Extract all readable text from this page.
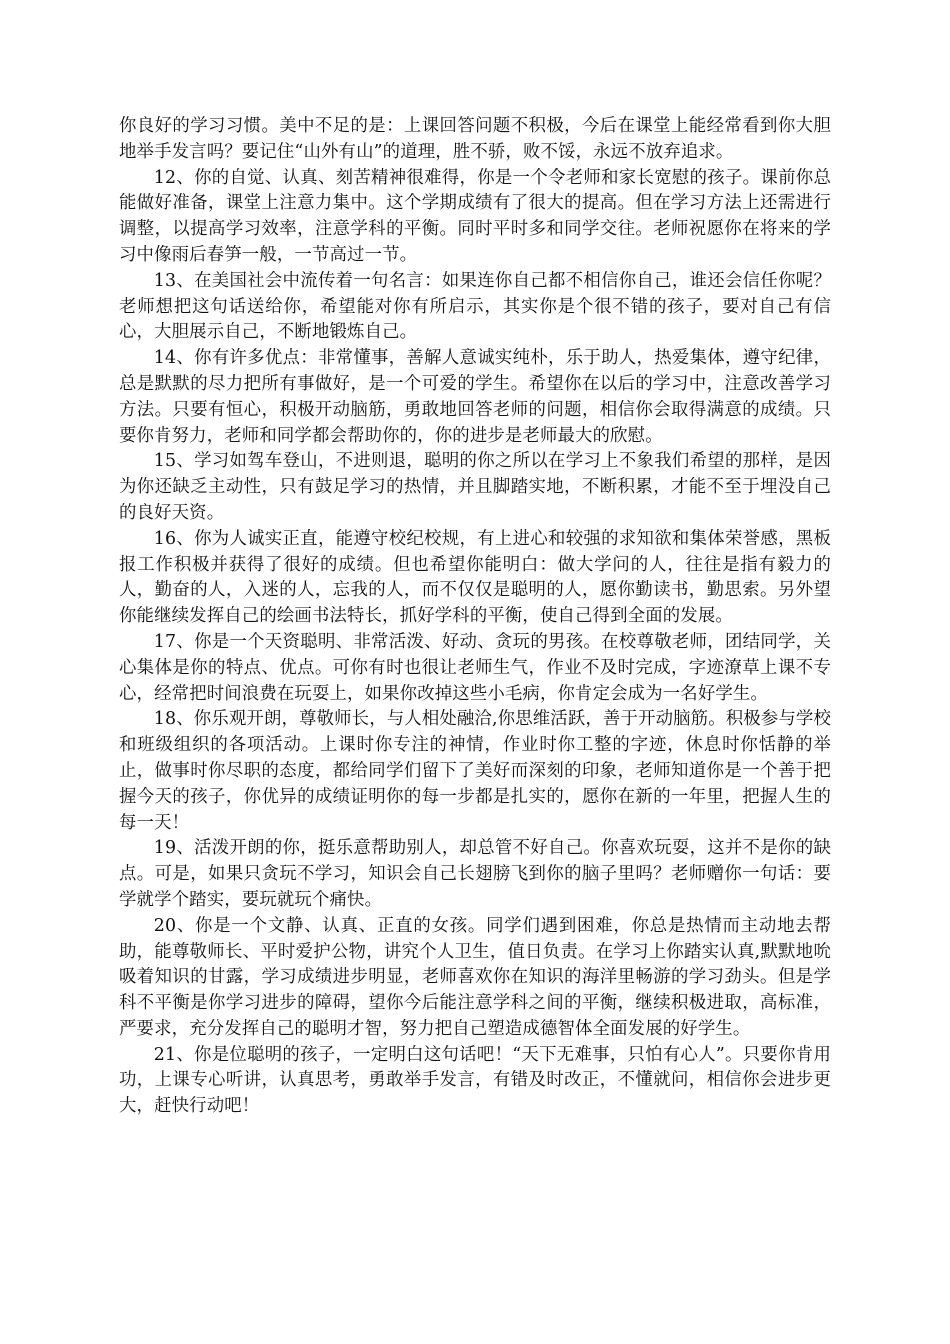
你良好的学习习惯。美中不足的是：上课回答问题不积极，今后在课堂上能经常看到你大胆地举手发言吗？要记住“山外有山”的道理，胜不骄，败不馁，永远不放弃追求。

12、你的自觉、认真、刻苦精神很难得，你是一个令老师和家长宽慰的孩子。课前你总能做好准备，课堂上注意力集中。这个学期成绩有了很大的提高。但在学习方法上还需进行调整，以提高学习效率，注意学科的平衡。同时平时多和同学交往。老师祝愿你在将来的学习中像雨后春笋一般，一节高过一节。

13、在美国社会中流传着一句名言：如果连你自己都不相信你自己，谁还会信任你呢？老师想把这句话送给你，希望能对你有所启示，其实你是个很不错的孩子，要对自己有信心，大胆展示自己，不断地锻炼自己。

14、你有许多优点：非常懂事，善解人意诚实纯朴，乐于助人，热爱集体，遵守纪律，总是默默的尽力把所有事做好，是一个可爱的学生。希望你在以后的学习中，注意改善学习方法。只要有恒心，积极开动脑筋，勇敢地回答老师的问题，相信你会取得满意的成绩。只要你肯努力，老师和同学都会帮助你的，你的进步是老师最大的欣慰。

15、学习如驾车登山，不进则退，聪明的你之所以在学习上不象我们希望的那样，是因为你还缺乏主动性，只有鼓足学习的热情，并且脚踏实地，不断积累，才能不至于埋没自己的良好天资。

16、你为人诚实正直，能遵守校纪校规，有上进心和较强的求知欲和集体荣誉感，黑板报工作积极并获得了很好的成绩。但也希望你能明白：做大学问的人，往往是指有毅力的人，勤奋的人，入迷的人，忘我的人，而不仅仅是聪明的人，愿你勤读书，勤思索。另外望你能继续发挥自己的绘画书法特长，抓好学科的平衡，使自己得到全面的发展。

17、你是一个天资聪明、非常活泼、好动、贪玩的男孩。在校尊敬老师，团结同学，关心集体是你的特点、优点。可你有时也很让老师生气，作业不及时完成，字迹潦草上课不专心，经常把时间浪费在玩耍上，如果你改掉这些小毛病，你肯定会成为一名好学生。

18、你乐观开朗，尊敬师长，与人相处融洽,你思维活跃，善于开动脑筋。积极参与学校和班级组织的各项活动。上课时你专注的神情，作业时你工整的字迹，休息时你恬静的举止，做事时你尽职的态度，都给同学们留下了美好而深刻的印象，老师知道你是一个善于把握今天的孩子，你优异的成绩证明你的每一步都是扎实的，愿你在新的一年里，把握人生的每一天！

19、活泼开朗的你，挺乐意帮助别人，却总管不好自己。你喜欢玩耍，这并不是你的缺点。可是，如果只贪玩不学习，知识会自己长翅膀飞到你的脑子里吗？老师赠你一句话：要学就学个踏实，要玩就玩个痛快。

20、你是一个文静、认真、正直的女孩。同学们遇到困难，你总是热情而主动地去帮助，能尊敬师长、平时爱护公物，讲究个人卫生，值日负责。在学习上你踏实认真,默默地吮吸着知识的甘露，学习成绩进步明显，老师喜欢你在知识的海洋里畅游的学习劲头。但是学科不平衡是你学习进步的障碍，望你今后能注意学科之间的平衡，继续积极进取，高标准，严要求，充分发挥自己的聪明才智，努力把自己塑造成德智体全面发展的好学生。

21、你是位聪明的孩子，一定明白这句话吧！“天下无难事，只怕有心人”。只要你肯用功，上课专心听讲，认真思考，勇敢举手发言，有错及时改正，不懂就问，相信你会进步更大，赶快行动吧！
